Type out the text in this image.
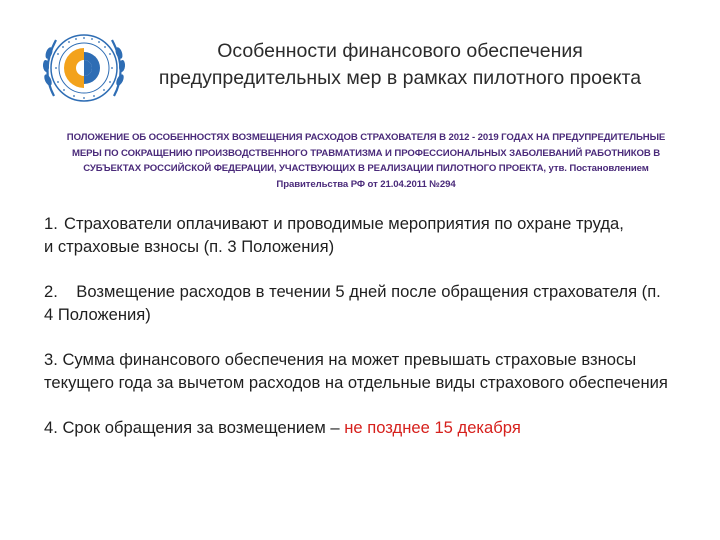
Особенности финансового обеспечения
предупредительных мер в рамках пилотного проекта
ПОЛОЖЕНИЕ ОБ ОСОБЕННОСТЯХ ВОЗМЕЩЕНИЯ РАСХОДОВ СТРАХОВАТЕЛЯ В 2012 - 2019 ГОДАХ НА ПРЕДУПРЕДИТЕЛЬНЫЕ МЕРЫ ПО СОКРАЩЕНИЮ ПРОИЗВОДСТВЕННОГО ТРАВМАТИЗМА И ПРОФЕССИОНАЛЬНЫХ ЗАБОЛЕВАНИЙ РАБОТНИКОВ В СУБЪЕКТАХ РОССИЙСКОЙ ФЕДЕРАЦИИ, УЧАСТВУЮЩИХ В РЕАЛИЗАЦИИ ПИЛОТНОГО ПРОЕКТА, утв. Постановлением Правительства РФ от 21.04.2011 №294
1. Страхователи оплачивают и проводимые мероприятия по охране труда,
и страховые взносы (п. 3 Положения)
2.    Возмещение расходов в течении 5 дней после обращения страхователя (п. 4 Положения)
3. Сумма финансового обеспечения на может превышать страховые взносы текущего года за вычетом расходов на отдельные виды страхового обеспечения
4. Срок обращения за возмещением – не позднее 15 декабря
